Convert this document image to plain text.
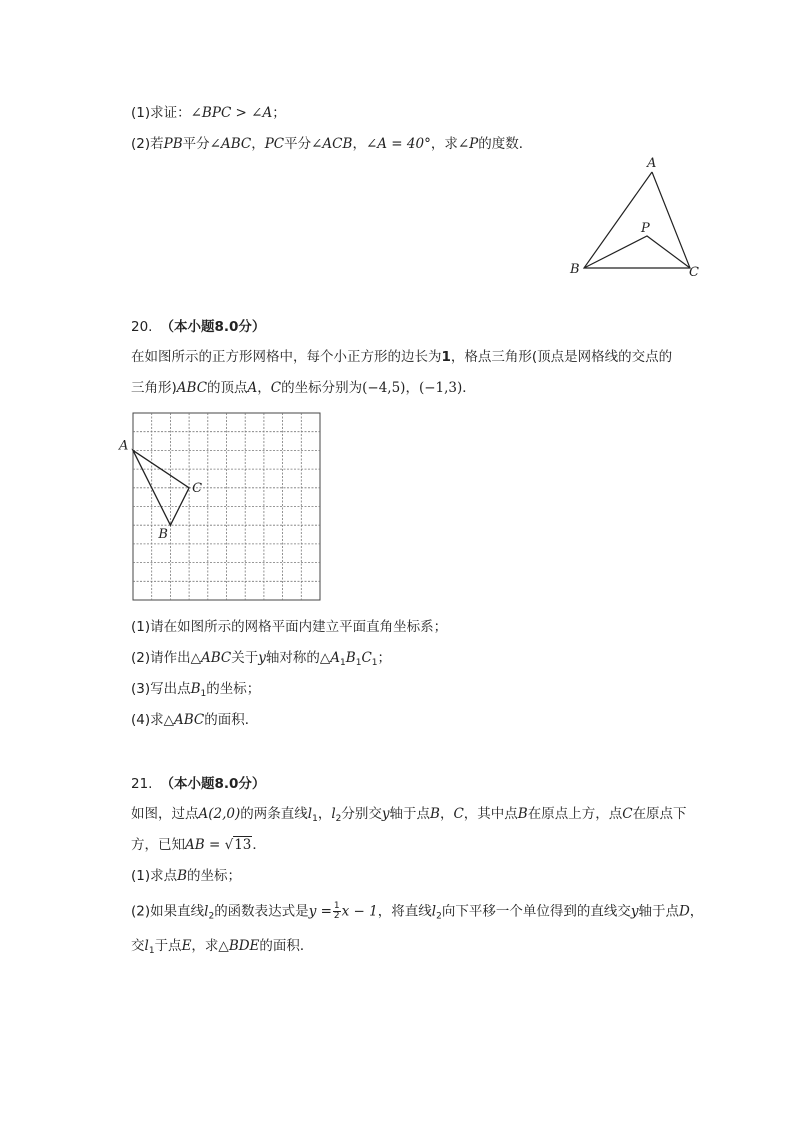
(1)求证：∠BPC > ∠A；
(2)若PB平分∠ABC，PC平分∠ACB，∠A = 40°，求∠P的度数．
A
P
B	C
20. （本小题8.0分）
在如图所示的正方形网格中，每个小正方形的边长为1，格点三角形(顶点是网格线的交点的
三角形)ABC的顶点A，C的坐标分别为(−4,5)，(−1,3)．
A
B
C
(1)请在如图所示的网格平面内建立平面直角坐标系；
(2)请作出△ABC关于y轴对称的$\triangle A_1B_1C_1$；
(3)写出点$B_1$的坐标；
(4)求△ABC的面积．
21. （本小题8.0分）
如图，过点A(2,0)的两条直线$l_1$，$l_2$分别交y轴于点B，C，其中点B在原点上方，点C在原点下
方，已知AB = √13．
(1)求点B的坐标；
(2)如果直线$l_2$的函数表达式是$y = \frac{1}{2}$ x − 1，将直线$l_2$向下平移一个单位得到的直线交y轴于点D，
交$l_1$于点E，求△BDE的面积．
